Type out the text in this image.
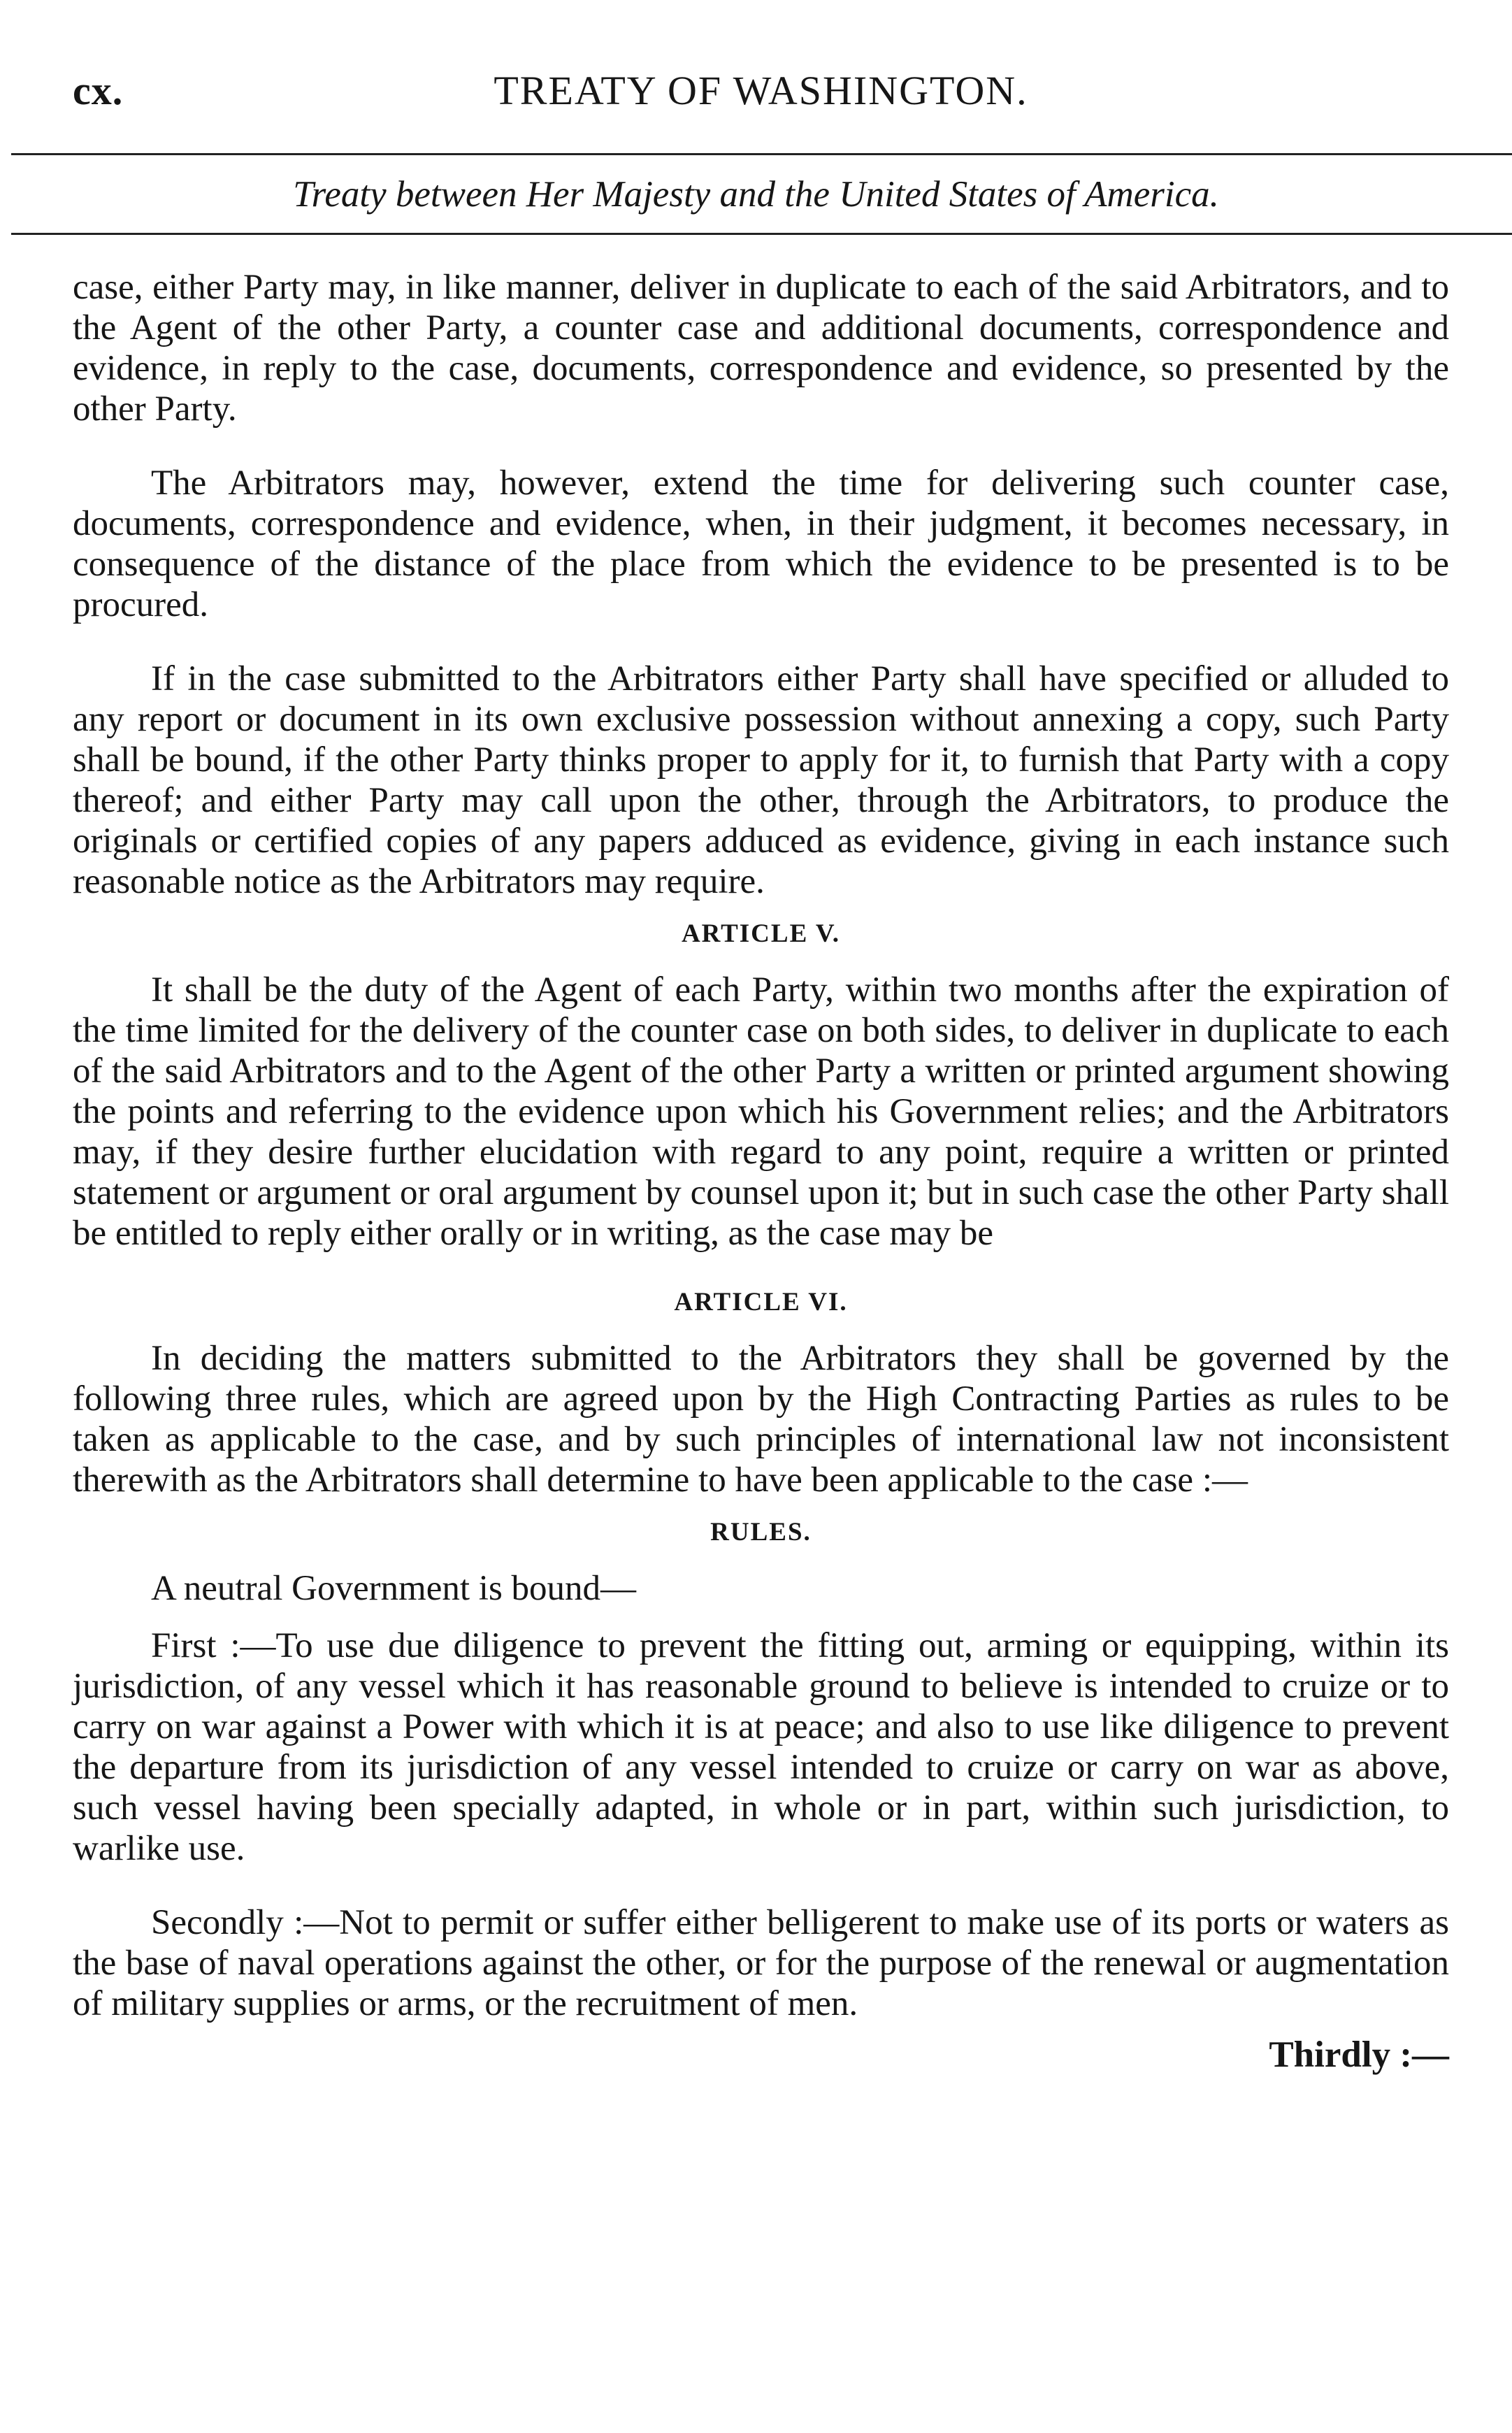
cx.	TREATY OF WASHINGTON.
Treaty between Her Majesty and the United States of America.

case, either Party may, in like manner, deliver in duplicate to each of the said Arbitrators, and to the Agent of the other Party, a counter case and additional documents, correspondence and evidence, in reply to the case, documents, correspondence and evidence, so presented by the other Party.

The Arbitrators may, however, extend the time for delivering such counter case, documents, correspondence and evidence, when, in their judgment, it becomes necessary, in consequence of the distance of the place from which the evidence to be presented is to be procured.

If in the case submitted to the Arbitrators either Party shall have specified or alluded to any report or document in its own exclusive possession without annexing a copy, such Party shall be bound, if the other Party thinks proper to apply for it, to furnish that Party with a copy thereof; and either Party may call upon the other, through the Arbitrators, to produce the originals or certified copies of any papers adduced as evidence, giving in each instance such reasonable notice as the Arbitrators may require.

ARTICLE V.

It shall be the duty of the Agent of each Party, within two months after the expiration of the time limited for the delivery of the counter case on both sides, to deliver in duplicate to each of the said Arbitrators and to the Agent of the other Party a written or printed argument showing the points and referring to the evidence upon which his Government relies; and the Arbitrators may, if they desire further elucidation with regard to any point, require a written or printed statement or argument or oral argument by counsel upon it; but in such case the other Party shall be entitled to reply either orally or in writing, as the case may be

ARTICLE VI.

In deciding the matters submitted to the Arbitrators they shall be governed by the following three rules, which are agreed upon by the High Contracting Parties as rules to be taken as applicable to the case, and by such principles of international law not inconsistent therewith as the Arbitrators shall determine to have been applicable to the case :—

RULES.

A neutral Government is bound—

First :—To use due diligence to prevent the fitting out, arming or equipping, within its jurisdiction, of any vessel which it has reasonable ground to believe is intended to cruize or to carry on war against a Power with which it is at peace; and also to use like diligence to prevent the departure from its jurisdiction of any vessel intended to cruize or carry on war as above, such vessel having been specially adapted, in whole or in part, within such jurisdiction, to warlike use.

Secondly :—Not to permit or suffer either belligerent to make use of its ports or waters as the base of naval operations against the other, or for the purpose of the renewal or augmentation of military supplies or arms, or the recruitment of men.

Thirdly :—
